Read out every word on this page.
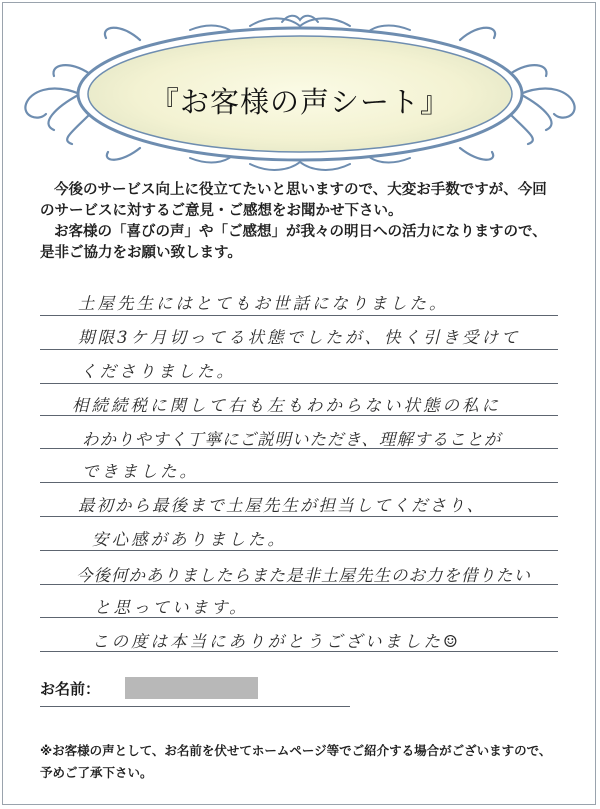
『お客様の声シート』

今後のサービス向上に役立てたいと思いますので、大変お手数ですが、今回

のサービスに対するご意見・ご感想をお聞かせ下さい。

お客様の「喜びの声」や「ご感想」が我々の明日への活力になりますので、

是非ご協力をお願い致します。

土屋先生にはとてもお世話になりました。
期限3ケ月切ってる状態でしたが、快く引き受けて
くださりました。
相続続税に関して右も左もわからない状態の私に
わかりやすく丁寧にご説明いただき、理解することが
できました。
最初から最後まで土屋先生が担当してくださり、
安心感がありました。
今後何かありましたらまた是非土屋先生のお力を借りたい
と思っています。
この度は本当にありがとうございました☺
お名前：
※お客様の声として、お名前を伏せてホームページ等でご紹介する場合がございますので、
予めご了承下さい。
